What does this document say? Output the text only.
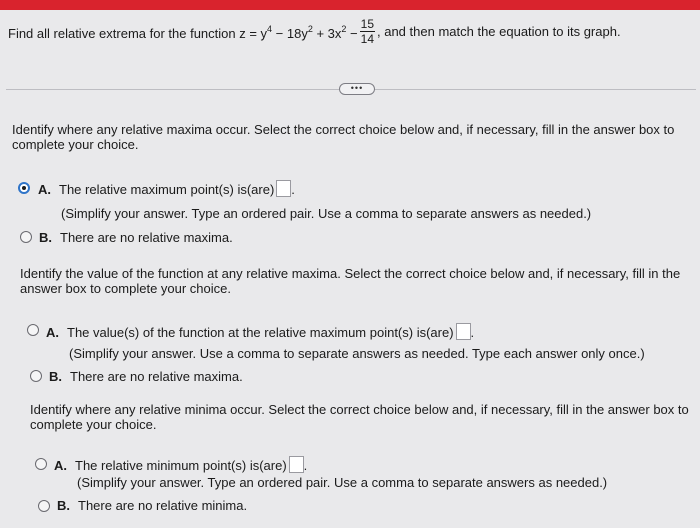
Find all relative extrema for the function $z = y^4 - 18y^2 + 3x^2 - \frac{15}{14}$ , and then match the equation to its graph.
•••
Identify where any relative maxima occur. Select the correct choice below and, if necessary, fill in the answer box to complete your choice.
A. The relative maximum point(s) is(are) .
(Simplify your answer. Type an ordered pair. Use a comma to separate answers as needed.)
B. There are no relative maxima.
Identify the value of the function at any relative maxima. Select the correct choice below and, if necessary, fill in the answer box to complete your choice.
A. The value(s) of the function at the relative maximum point(s) is(are) .
(Simplify your answer. Use a comma to separate answers as needed. Type each answer only once.)
B. There are no relative maxima.
Identify where any relative minima occur. Select the correct choice below and, if necessary, fill in the answer box to complete your choice.
A. The relative minimum point(s) is(are) .
(Simplify your answer. Type an ordered pair. Use a comma to separate answers as needed.)
B. There are no relative minima.
